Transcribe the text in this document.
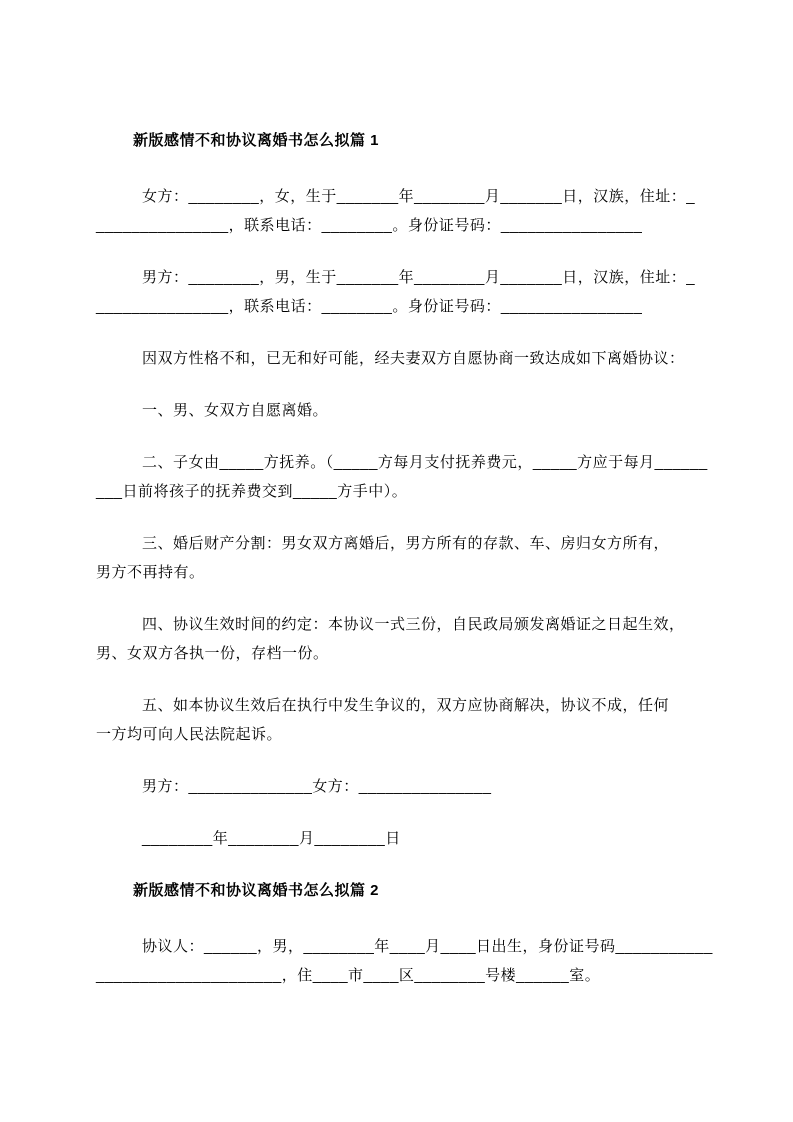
新版感情不和协议离婚书怎么拟篇 1

女方：________，女，生于_______年________月_______日，汉族，住址：_
_______________，联系电话：________。身份证号码：________________

男方：________，男，生于_______年________月_______日，汉族，住址：_
_______________，联系电话：________。身份证号码：________________

因双方性格不和，已无和好可能，经夫妻双方自愿协商一致达成如下离婚协议：

一、男、女双方自愿离婚。

二、子女由_____方抚养。（_____方每月支付抚养费元，_____方应于每月______
___日前将孩子的抚养费交到_____方手中）。

三、婚后财产分割：男女双方离婚后，男方所有的存款、车、房归女方所有，
男方不再持有。

四、协议生效时间的约定：本协议一式三份，自民政局颁发离婚证之日起生效，
男、女双方各执一份，存档一份。

五、如本协议生效后在执行中发生争议的，双方应协商解决，协议不成，任何
一方均可向人民法院起诉。

男方：______________女方：_______________

________年________月________日

新版感情不和协议离婚书怎么拟篇 2

协议人：______，男，________年____月____日出生，身份证号码___________
_____________________，住____市____区________号楼______室。
